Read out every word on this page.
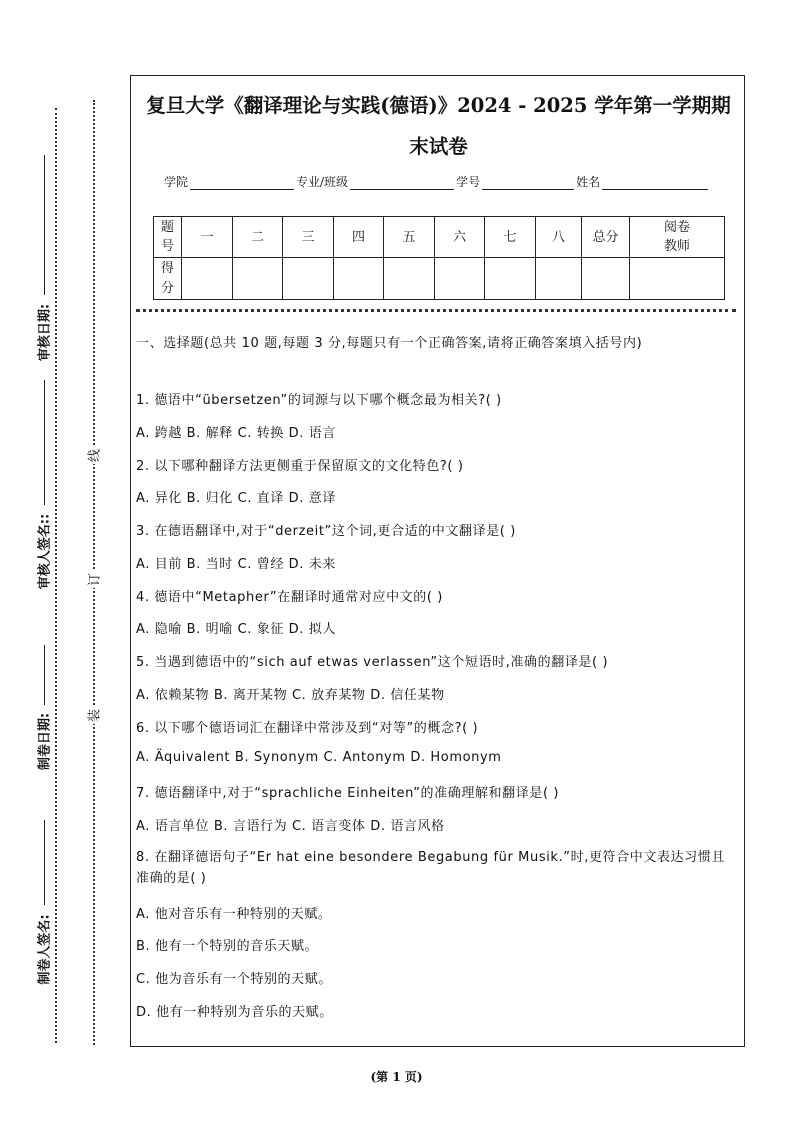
审核日期:
审核人签名::
制卷日期:
制卷人签名:
线
订
装
复旦大学《翻译理论与实践(德语)》2024 - 2025 学年第一学期期
末试卷
学院	专业/班级	学号	姓名
题号	一	二	三	四	五	六	七	八	总分	阅卷教师
得分										
一、选择题(总共 10 题,每题 3 分,每题只有一个正确答案,请将正确答案填入括号内)
1. 德语中“übersetzen”的词源与以下哪个概念最为相关?( )
A. 跨越 B. 解释 C. 转换 D. 语言
2. 以下哪种翻译方法更侧重于保留原文的文化特色?( )
A. 异化 B. 归化 C. 直译 D. 意译
3. 在德语翻译中,对于“derzeit”这个词,更合适的中文翻译是( )
A. 目前 B. 当时 C. 曾经 D. 未来
4. 德语中“Metapher”在翻译时通常对应中文的( )
A. 隐喻 B. 明喻 C. 象征 D. 拟人
5. 当遇到德语中的“sich auf etwas verlassen”这个短语时,准确的翻译是( )
A. 依赖某物 B. 离开某物 C. 放弃某物 D. 信任某物
6. 以下哪个德语词汇在翻译中常涉及到“对等”的概念?( )
A. Äquivalent B. Synonym C. Antonym D. Homonym
7. 德语翻译中,对于“sprachliche Einheiten”的准确理解和翻译是( )
A. 语言单位 B. 言语行为 C. 语言变体 D. 语言风格
8. 在翻译德语句子“Er hat eine besondere Begabung für Musik.”时,更符合中文表达习惯且准确的是( )
A. 他对音乐有一种特别的天赋。
B. 他有一个特别的音乐天赋。
C. 他为音乐有一个特别的天赋。
D. 他有一种特别为音乐的天赋。
(第 1 页)
